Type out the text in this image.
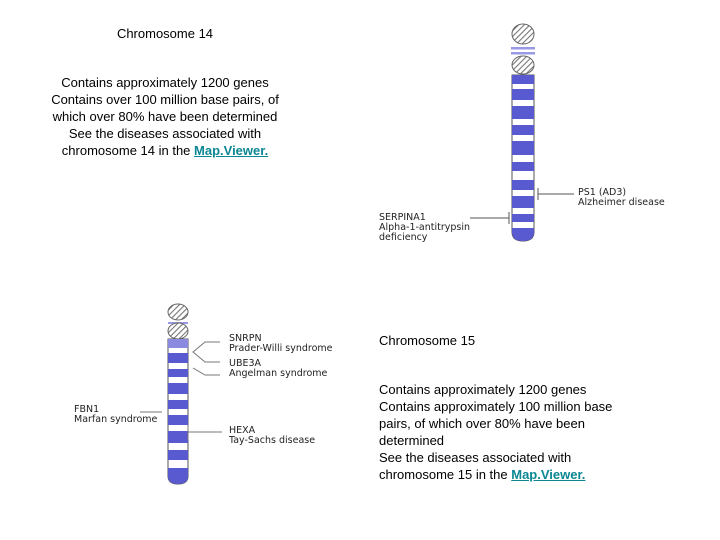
Chromosome 14
Contains approximately 1200 genes
Contains over 100 million base pairs, of
which over 80% have been determined
See the diseases associated with
chromosome 14 in the Map.Viewer.
PS1 (AD3)
Alzheimer disease
SERPINA1
Alpha-1-antitrypsin
deficiency
SNRPN
Prader-Willi syndrome
UBE3A
Angelman syndrome
FBN1
Marfan syndrome
HEXA
Tay-Sachs disease
Chromosome 15
Contains approximately 1200 genes
Contains approximately 100 million base
pairs, of which over 80% have been
determined
See the diseases associated with
chromosome 15 in the Map.Viewer.
